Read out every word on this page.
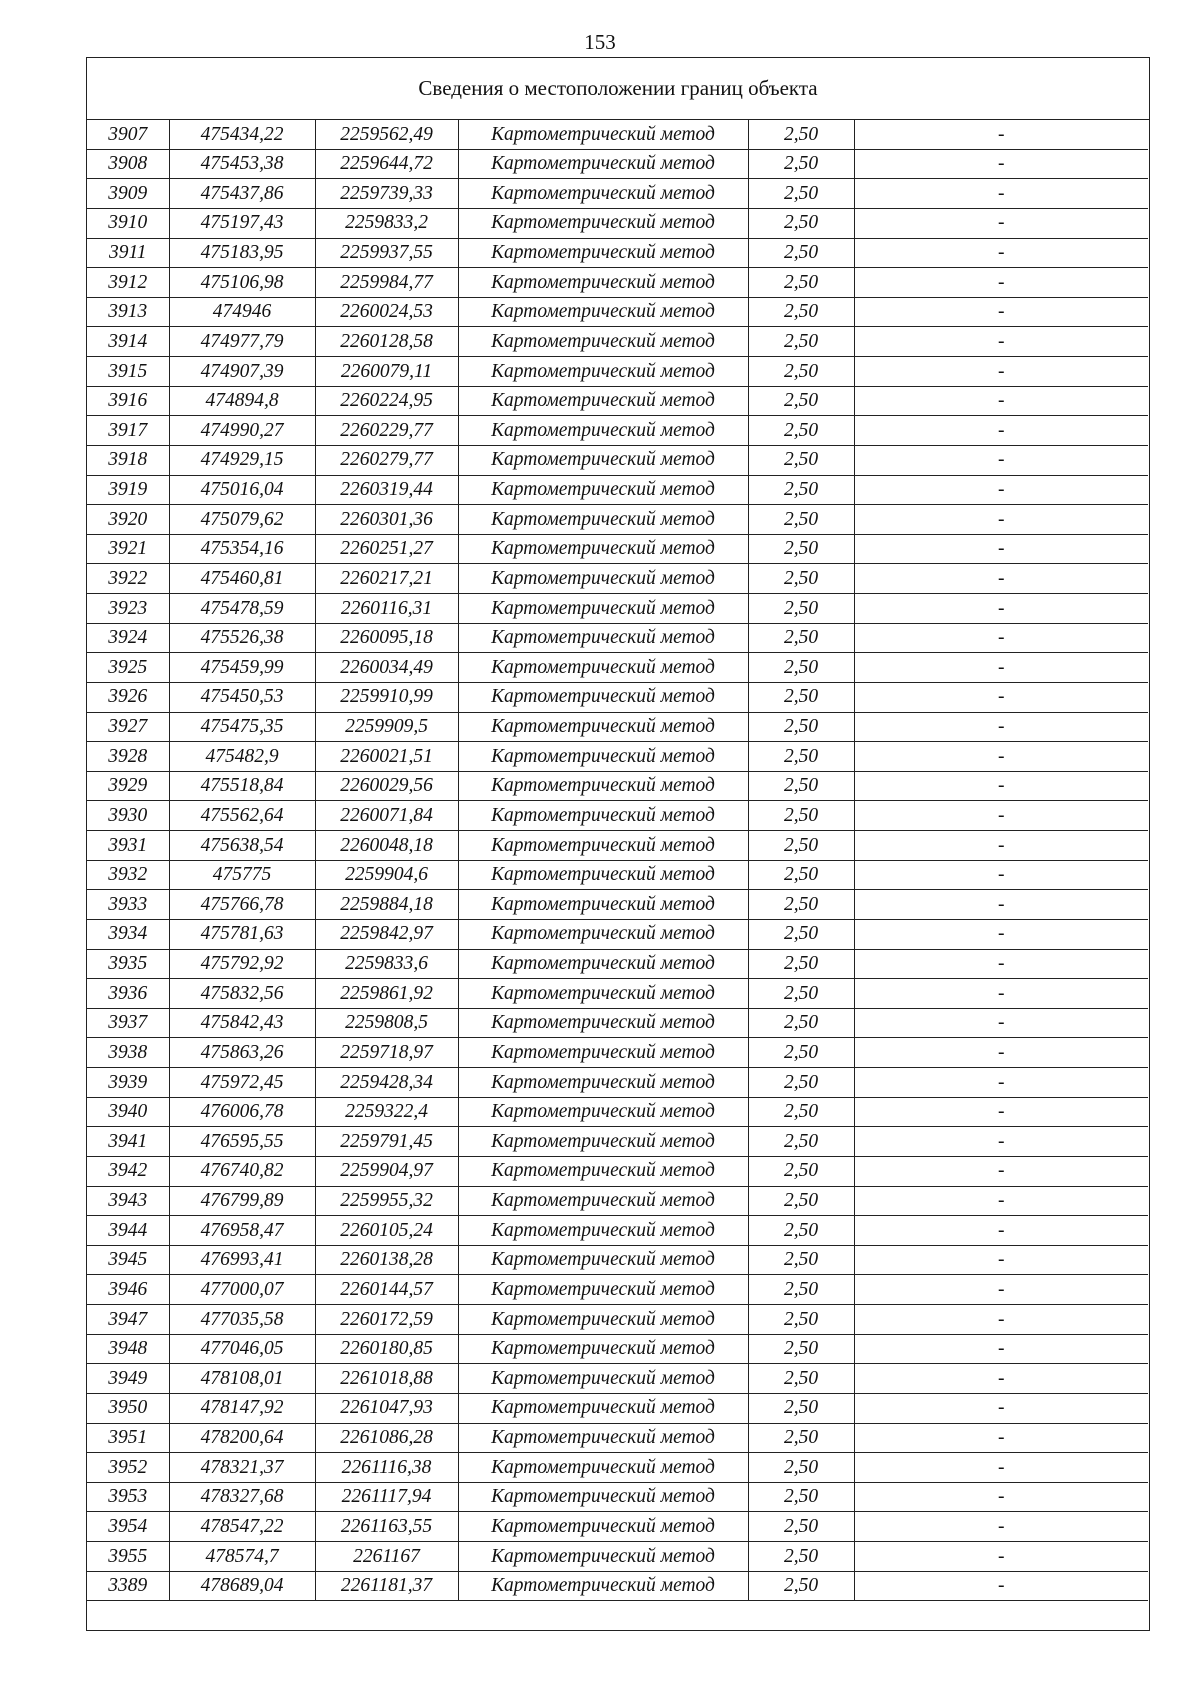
153
Сведения о местоположении границ объекта
3907	475434,22	2259562,49	Картометрический метод	2,50	-
3908	475453,38	2259644,72	Картометрический метод	2,50	-
3909	475437,86	2259739,33	Картометрический метод	2,50	-
3910	475197,43	2259833,2	Картометрический метод	2,50	-
3911	475183,95	2259937,55	Картометрический метод	2,50	-
3912	475106,98	2259984,77	Картометрический метод	2,50	-
3913	474946	2260024,53	Картометрический метод	2,50	-
3914	474977,79	2260128,58	Картометрический метод	2,50	-
3915	474907,39	2260079,11	Картометрический метод	2,50	-
3916	474894,8	2260224,95	Картометрический метод	2,50	-
3917	474990,27	2260229,77	Картометрический метод	2,50	-
3918	474929,15	2260279,77	Картометрический метод	2,50	-
3919	475016,04	2260319,44	Картометрический метод	2,50	-
3920	475079,62	2260301,36	Картометрический метод	2,50	-
3921	475354,16	2260251,27	Картометрический метод	2,50	-
3922	475460,81	2260217,21	Картометрический метод	2,50	-
3923	475478,59	2260116,31	Картометрический метод	2,50	-
3924	475526,38	2260095,18	Картометрический метод	2,50	-
3925	475459,99	2260034,49	Картометрический метод	2,50	-
3926	475450,53	2259910,99	Картометрический метод	2,50	-
3927	475475,35	2259909,5	Картометрический метод	2,50	-
3928	475482,9	2260021,51	Картометрический метод	2,50	-
3929	475518,84	2260029,56	Картометрический метод	2,50	-
3930	475562,64	2260071,84	Картометрический метод	2,50	-
3931	475638,54	2260048,18	Картометрический метод	2,50	-
3932	475775	2259904,6	Картометрический метод	2,50	-
3933	475766,78	2259884,18	Картометрический метод	2,50	-
3934	475781,63	2259842,97	Картометрический метод	2,50	-
3935	475792,92	2259833,6	Картометрический метод	2,50	-
3936	475832,56	2259861,92	Картометрический метод	2,50	-
3937	475842,43	2259808,5	Картометрический метод	2,50	-
3938	475863,26	2259718,97	Картометрический метод	2,50	-
3939	475972,45	2259428,34	Картометрический метод	2,50	-
3940	476006,78	2259322,4	Картометрический метод	2,50	-
3941	476595,55	2259791,45	Картометрический метод	2,50	-
3942	476740,82	2259904,97	Картометрический метод	2,50	-
3943	476799,89	2259955,32	Картометрический метод	2,50	-
3944	476958,47	2260105,24	Картометрический метод	2,50	-
3945	476993,41	2260138,28	Картометрический метод	2,50	-
3946	477000,07	2260144,57	Картометрический метод	2,50	-
3947	477035,58	2260172,59	Картометрический метод	2,50	-
3948	477046,05	2260180,85	Картометрический метод	2,50	-
3949	478108,01	2261018,88	Картометрический метод	2,50	-
3950	478147,92	2261047,93	Картометрический метод	2,50	-
3951	478200,64	2261086,28	Картометрический метод	2,50	-
3952	478321,37	2261116,38	Картометрический метод	2,50	-
3953	478327,68	2261117,94	Картометрический метод	2,50	-
3954	478547,22	2261163,55	Картометрический метод	2,50	-
3955	478574,7	2261167	Картометрический метод	2,50	-
3389	478689,04	2261181,37	Картометрический метод	2,50	-
